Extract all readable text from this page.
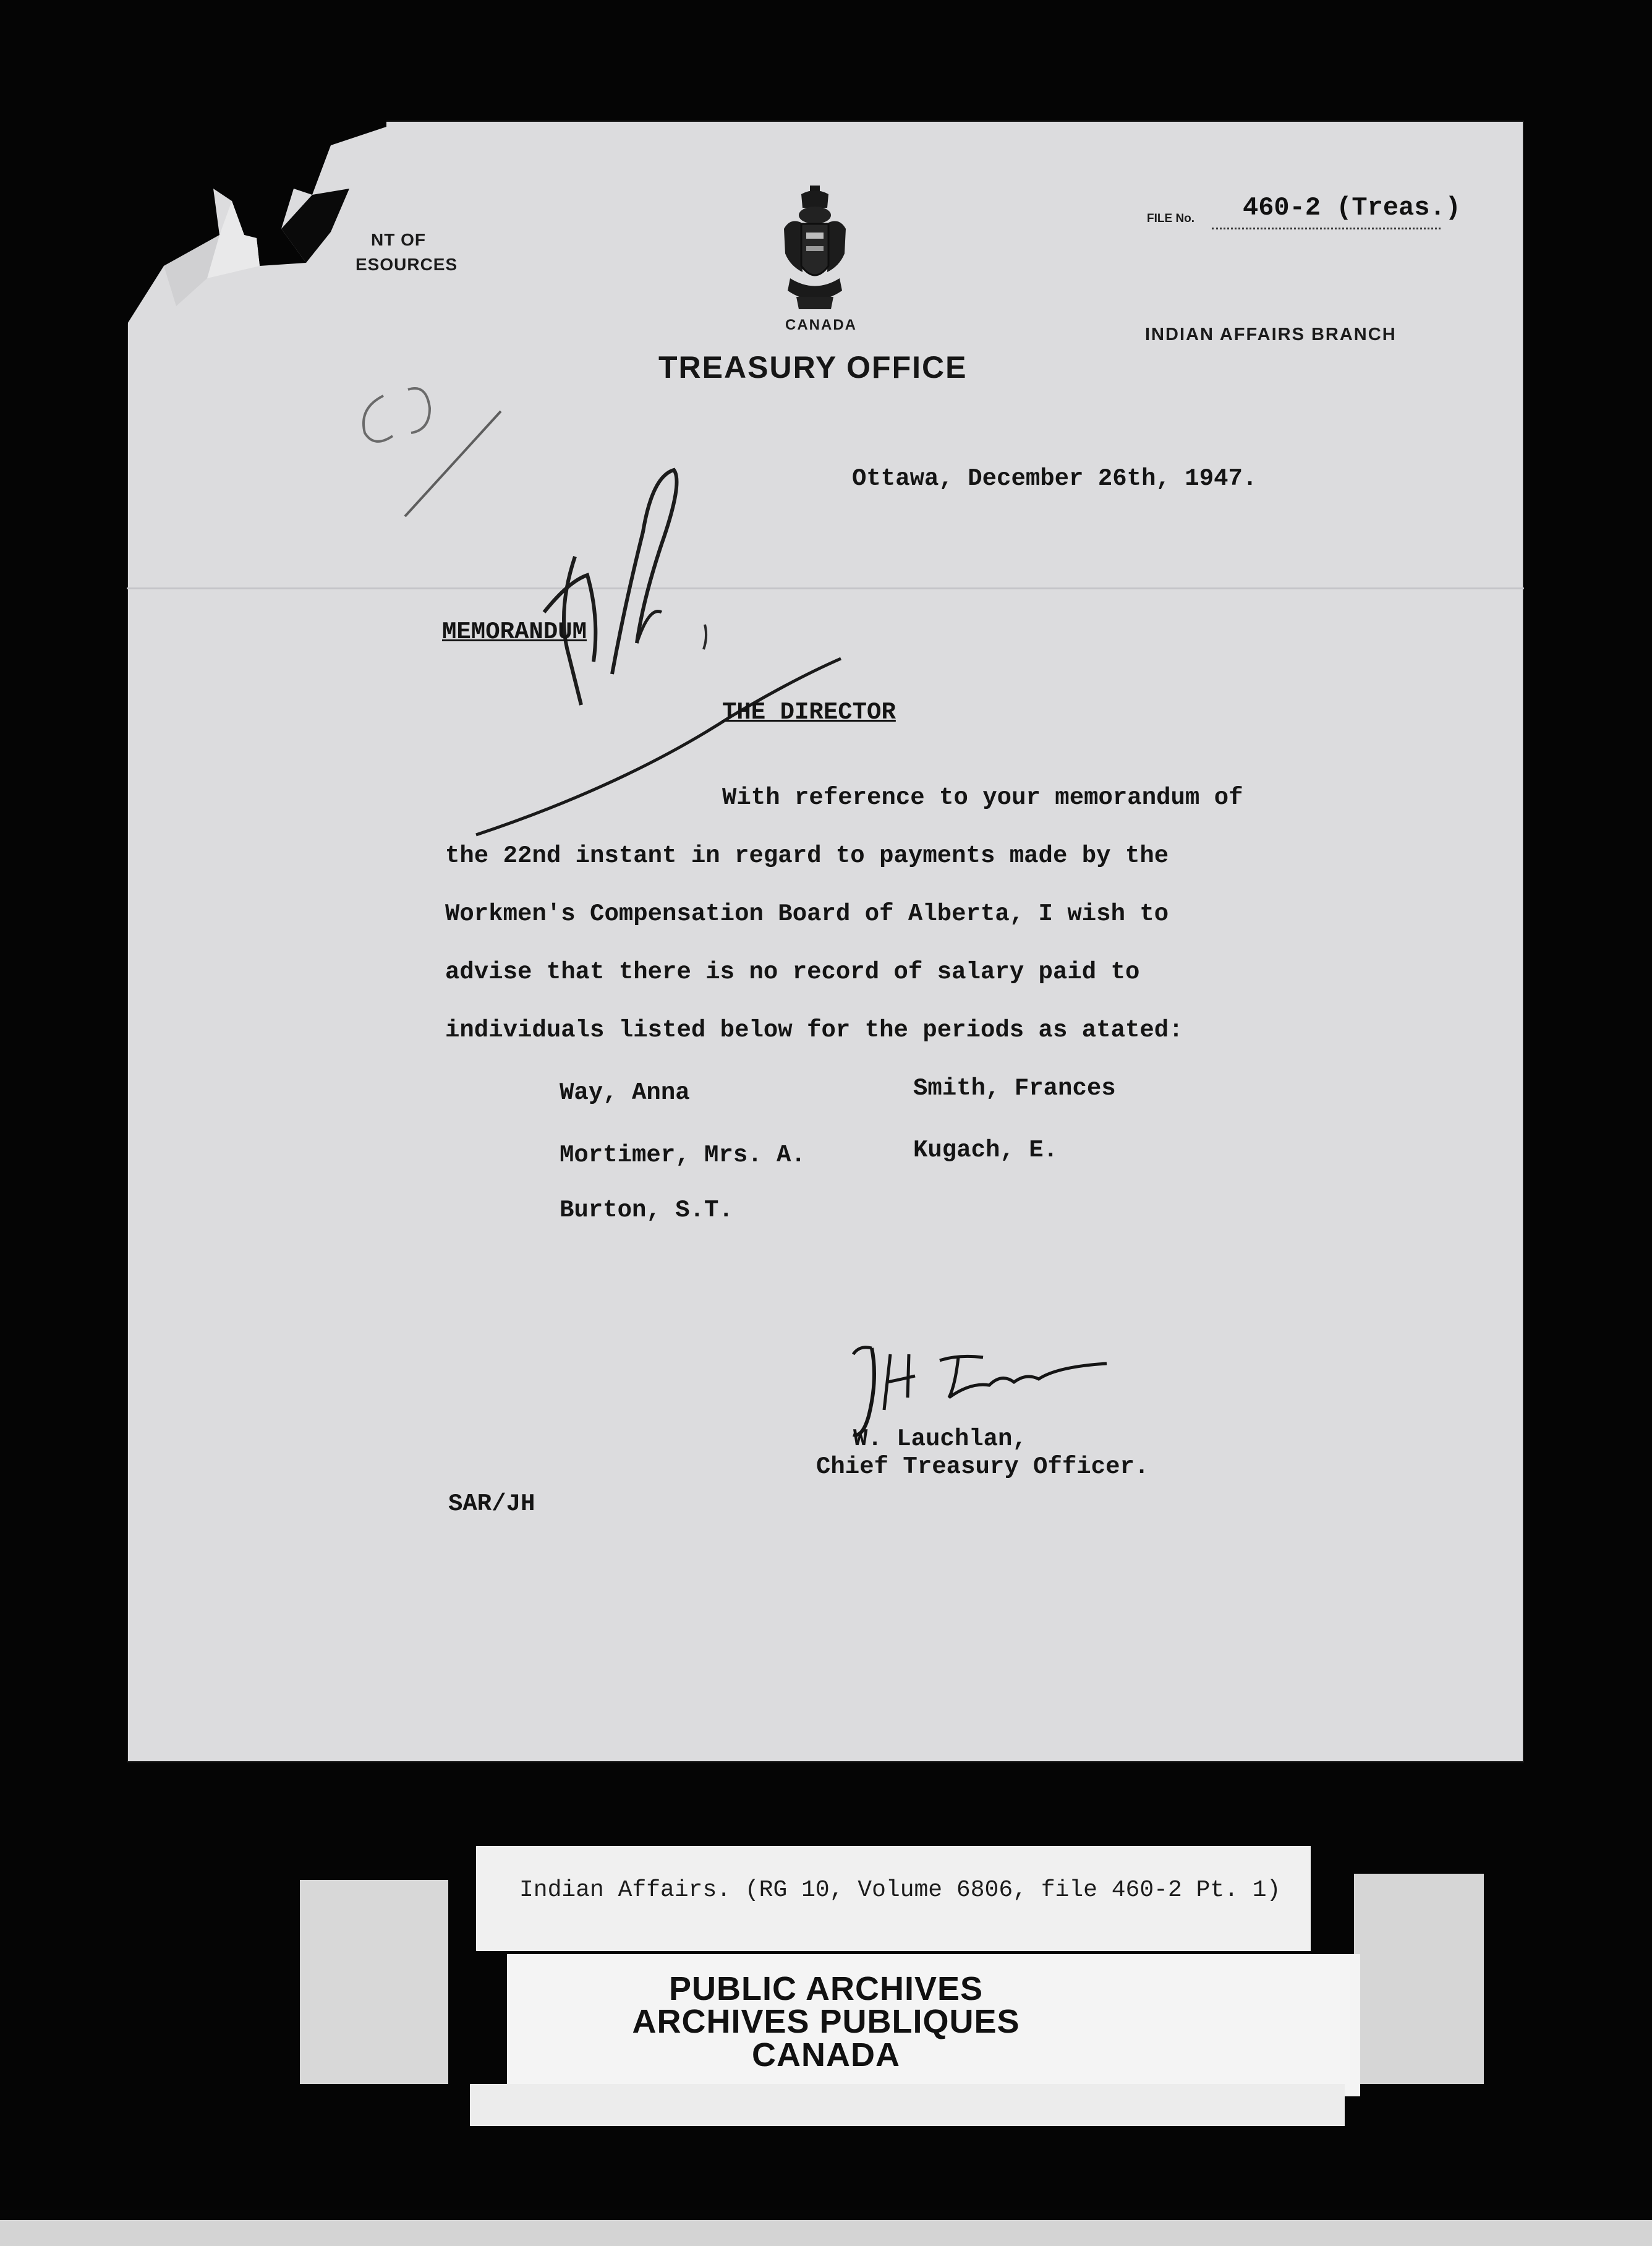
NT OF
ESOURCES
CANADA
TREASURY OFFICE
INDIAN AFFAIRS BRANCH
FILE No. 460-2 (Treas.)
Ottawa, December 26th, 1947.
MEMORANDUM
THE DIRECTOR
With reference to your memorandum of
the 22nd instant in regard to payments made by the
Workmen's Compensation Board of Alberta, I wish to
advise that there is no record of salary paid to
individuals listed below for the periods as atated:
Way, Anna
Mortimer, Mrs. A.
Burton, S.T.
Smith, Frances
Kugach, E.
W. Lauchlan,
Chief Treasury Officer.
SAR/JH
Indian Affairs. (RG 10, Volume 6806, file 460-2 Pt. 1)
PUBLIC ARCHIVES
ARCHIVES PUBLIQUES
CANADA
